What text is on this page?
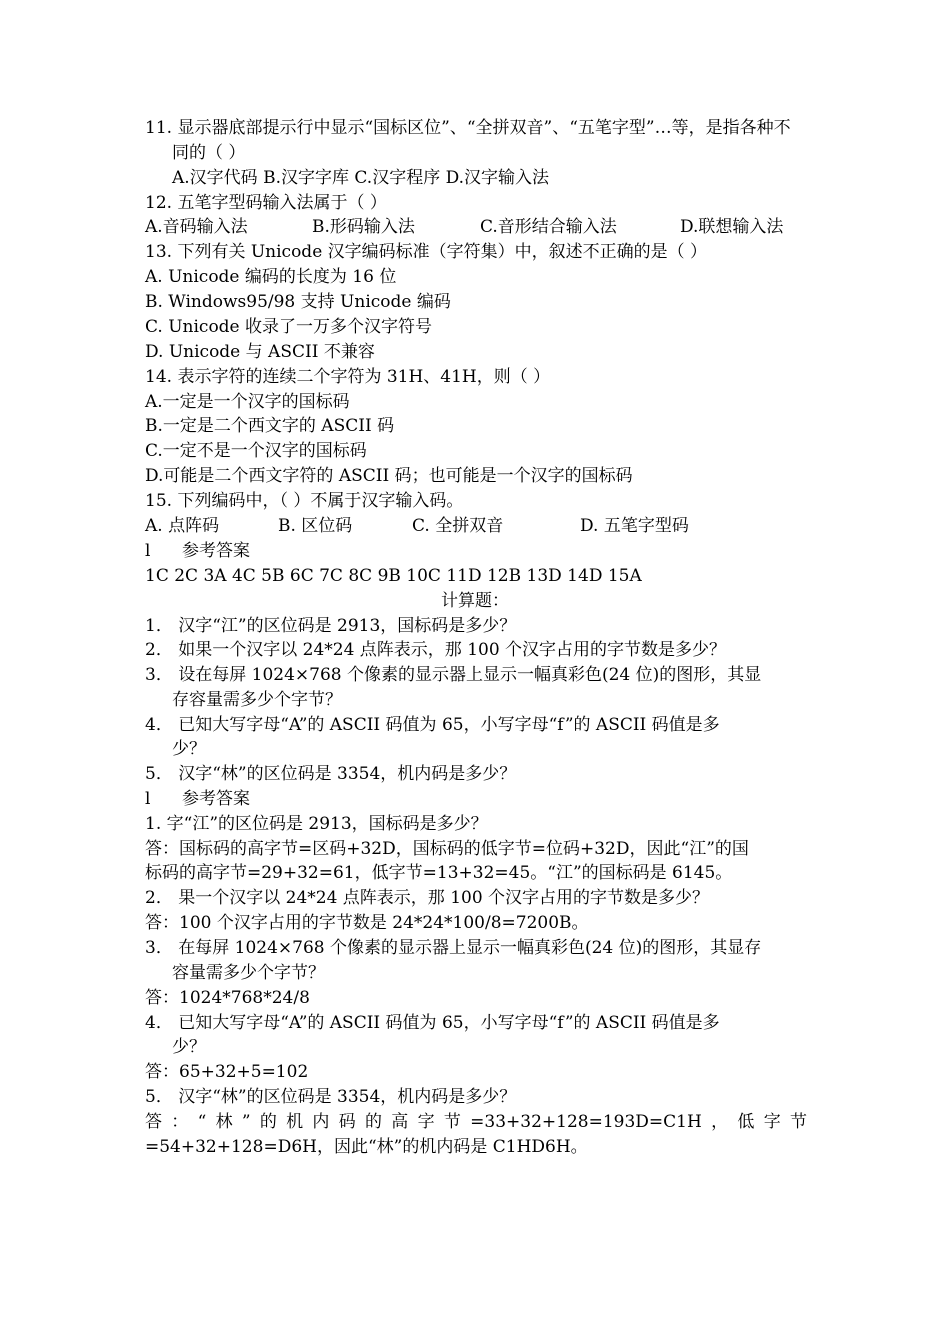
11. 显示器底部提示行中显示“国标区位”、“全拼双音”、“五笔字型”…等，是指各种不
同的（ ）
A.汉字代码 B.汉字字库 C.汉字程序 D.汉字输入法
12. 五笔字型码输入法属于（ ）
A.音码输入法	B.形码输入法	C.音形结合输入法	D.联想输入法
13. 下列有关 Unicode 汉字编码标准（字符集）中，叙述不正确的是（ ）
A. Unicode 编码的长度为 16 位
B. Windows95/98 支持 Unicode 编码
C. Unicode 收录了一万多个汉字符号
D. Unicode 与 ASCII 不兼容
14. 表示字符的连续二个字符为 31H、41H，则（ ）
A.一定是一个汉字的国标码
B.一定是二个西文字的 ASCII 码
C.一定不是一个汉字的国标码
D.可能是二个西文字符的 ASCII 码；也可能是一个汉字的国标码
15. 下列编码中，（ ）不属于汉字输入码。
A. 点阵码	B. 区位码	C. 全拼双音	D. 五笔字型码
l 参考答案
1C 2C 3A 4C 5B 6C 7C 8C 9B 10C 11D 12B 13D 14D 15A
计算题：
1． 汉字“江”的区位码是 2913，国标码是多少？
2． 如果一个汉字以 24*24 点阵表示，那 100 个汉字占用的字节数是多少？
3． 设在每屏 1024×768 个像素的显示器上显示一幅真彩色(24 位)的图形，其显
存容量需多少个字节？
4． 已知大写字母“A”的 ASCII 码值为 65，小写字母“f”的 ASCII 码值是多
少？
5． 汉字“林”的区位码是 3354，机内码是多少？
l 参考答案
1. 字“江”的区位码是 2913，国标码是多少？
答：国标码的高字节=区码+32D，国标码的低字节=位码+32D，因此“江”的国
标码的高字节=29+32=61，低字节=13+32=45。“江”的国标码是 6145。
2． 果一个汉字以 24*24 点阵表示，那 100 个汉字占用的字节数是多少？
答：100 个汉字占用的字节数是 24*24*100/8=7200B。
3． 在每屏 1024×768 个像素的显示器上显示一幅真彩色(24 位)的图形，其显存
容量需多少个字节？
答：1024*768*24/8
4． 已知大写字母“A”的 ASCII 码值为 65，小写字母“f”的 ASCII 码值是多
少？
答：65+32+5=102
5． 汉字“林”的区位码是 3354，机内码是多少？
答：“林”的机内码的高字节=33+32+128=193D=C1H，低字节
=54+32+128=D6H，因此“林”的机内码是 C1HD6H。
